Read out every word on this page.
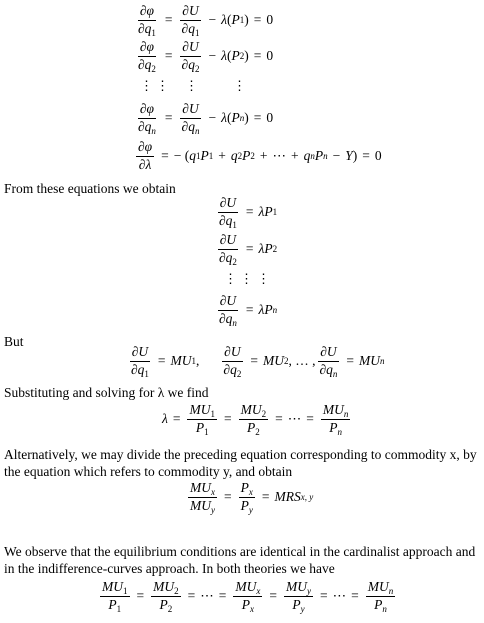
$\frac{\partial\varphi}{\partial q_1} = \frac{\partial U}{\partial q_1} - \lambda$ ( P 1 ) = 0
$\frac{\partial\varphi}{\partial q_2} = \frac{\partial U}{\partial q_2} - \lambda$ ( P 2 ) = 0
⋮ ⋮ ⋮	⋮
$\frac{\partial\varphi}{\partial q_n} = \frac{\partial U}{\partial q_n} - \lambda$ ( P n ) = 0
$\frac{\partial\varphi}{\partial\lambda}$ = −
( q 1 P 1 + q 2 P 2 + ⋯ + q n P n − Y ) = 0
From these equations we obtain
$\frac{\partial U}{\partial q_1} = \lambda$ P 1
$\frac{\partial U}{\partial q_2} = \lambda$ P 2
⋮ ⋮ ⋮
$\frac{\partial U}{\partial q_n} = \lambda$ P n
But
$\frac{\partial U}{\partial q_1}$ = MU 1 , $\frac{\partial U}{\partial q_2}$ = MU 2 , … , $\frac{\partial U}{\partial q_n}$ = MU n
Substituting and solving for λ we find
$\lambda = \frac{MU_1}{P_1} = \frac{MU_2}{P_2}$ = ⋯ = $\frac{MU_n}{P_n}$
Alternatively, we may divide the preceding equation corresponding to commodity x, by the equation which refers to commodity y, and obtain
$\frac{MU_x}{MU_y} = \frac{P_x}{P_y}$ = MRS x, y
We observe that the equilibrium conditions are identical in the cardinalist approach and in the indifference-curves approach. In both theories we have
$\frac{MU_1}{P_1} = \frac{MU_2}{P_2}$ = ⋯ = $\frac{MU_x}{P_x} = \frac{MU_y}{P_y}$ = ⋯ = $\frac{MU_n}{P_n}$
